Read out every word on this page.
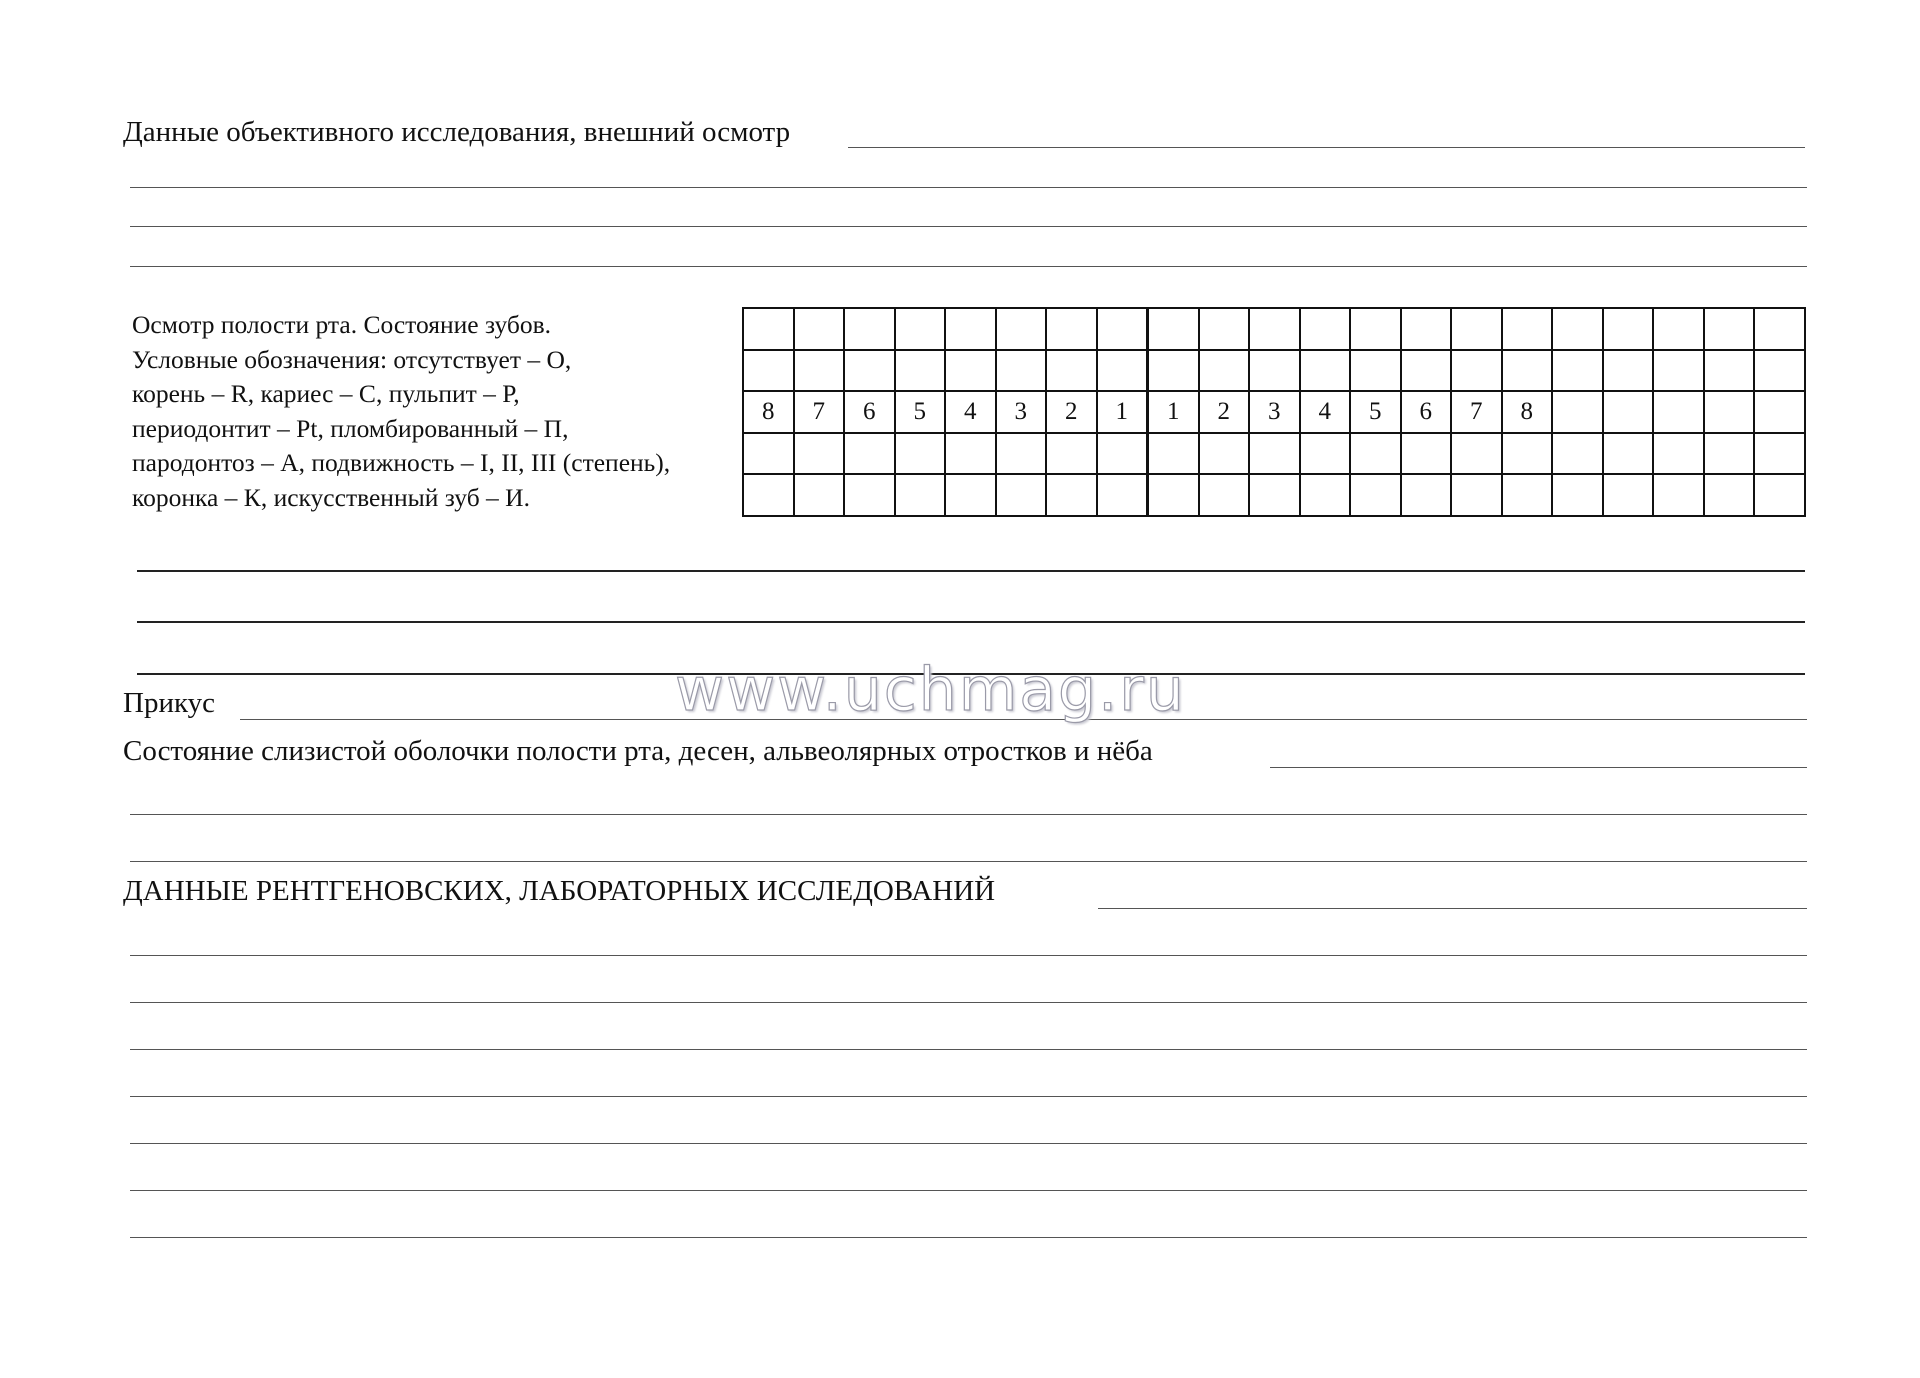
Данные объективного исследования, внешний осмотр
Осмотр полости рта. Состояние зубов.
Условные обозначения: отсутствует – О,
корень – R, кариес – С, пульпит – Р,
периодонтит – Pt, пломбированный – П,
пародонтоз – А, подвижность – I, II, III (степень),
коронка – К, искусственный зуб – И.

8	7	6	5	4	3	2	1	1	2	3	4	5	6	7	8					

Прикус
Состояние слизистой оболочки полости рта, десен, альвеолярных отростков и нёба
ДАННЫЕ РЕНТГЕНОВСКИХ, ЛАБОРАТОРНЫХ ИССЛЕДОВАНИЙ
www.uchmag.ru
